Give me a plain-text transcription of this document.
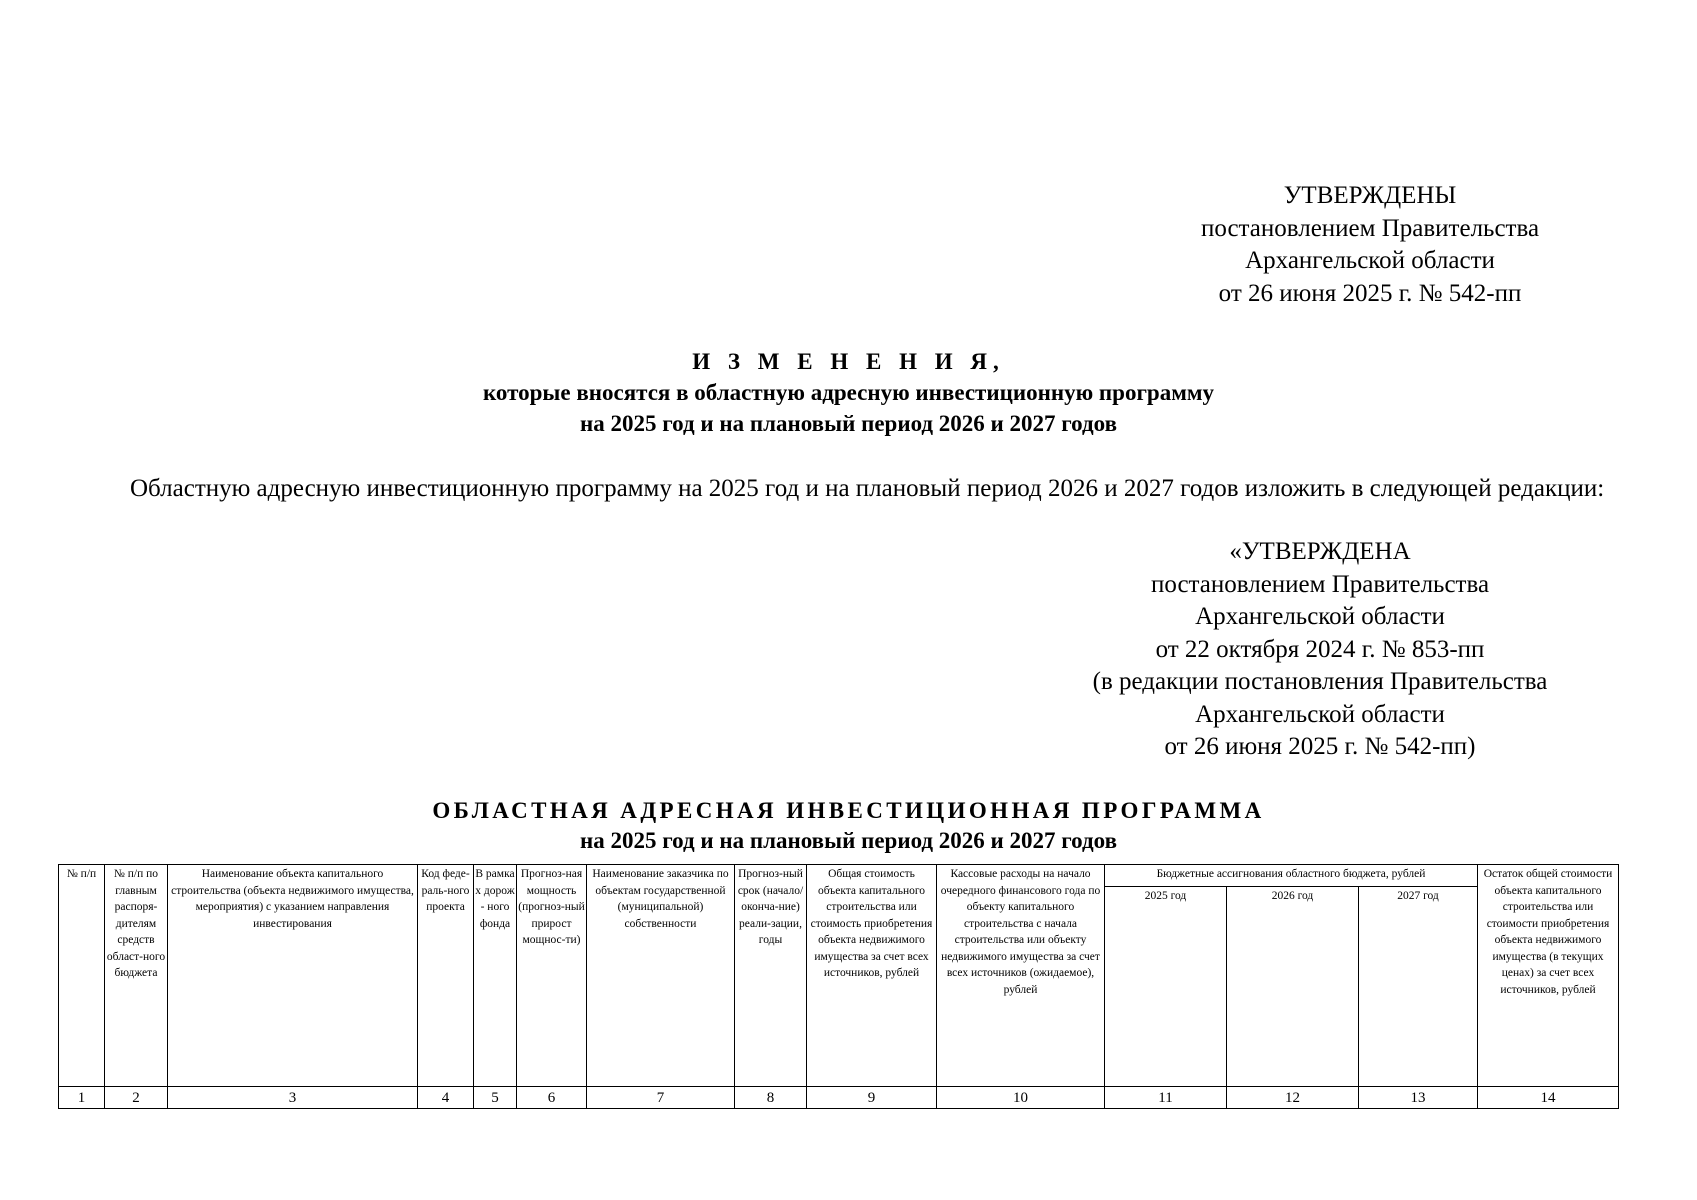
УТВЕРЖДЕНЫ
постановлением Правительства
Архангельской области
от 26 июня 2025 г. № 542-пп
И З М Е Н Е Н И Я,
которые вносятся в областную адресную инвестиционную программу
на 2025 год и на плановый период 2026 и 2027 годов
Областную адресную инвестиционную программу на 2025 год и на плановый период 2026 и 2027 годов изложить в следующей редакции:
«УТВЕРЖДЕНА
постановлением Правительства
Архангельской области
от 22 октября 2024 г. № 853-пп
(в редакции постановления Правительства
Архангельской области
от 26 июня 2025 г. № 542-пп)
ОБЛАСТНАЯ АДРЕСНАЯ ИНВЕСТИЦИОННАЯ ПРОГРАММА
на 2025 год и на плановый период 2026 и 2027 годов
№ п/п	№ п/п по главным распоря-дителям средств област-ного бюджета	Наименование объекта капитального строительства (объекта недвижимого имущества, мероприятия) с указанием направления инвестирования	Код феде-раль-ного проекта	В рамка х дорож - ного фонда	Прогноз-ная мощность (прогноз-ный прирост мощнос-ти)	Наименование заказчика по объектам государственной (муниципальной) собственности	Прогноз-ный срок (начало/ оконча-ние) реали-зации, годы	Общая стоимость объекта капитального строительства или стоимость приобретения объекта недвижимого имущества за счет всех источников, рублей	Кассовые расходы на начало очередного финансового года по объекту капитального строительства с начала строительства или объекту недвижимого имущества за счет всех источников (ожидаемое), рублей	Бюджетные ассигнования областного бюджета, рублей			Остаток общей стоимости объекта капитального строительства или стоимости приобретения объекта недвижимого имущества (в текущих ценах) за счет всех источников, рублей
										2025 год	2026 год	2027 год	
1	2	3	4	5	6	7	8	9	10	11	12	13	14
